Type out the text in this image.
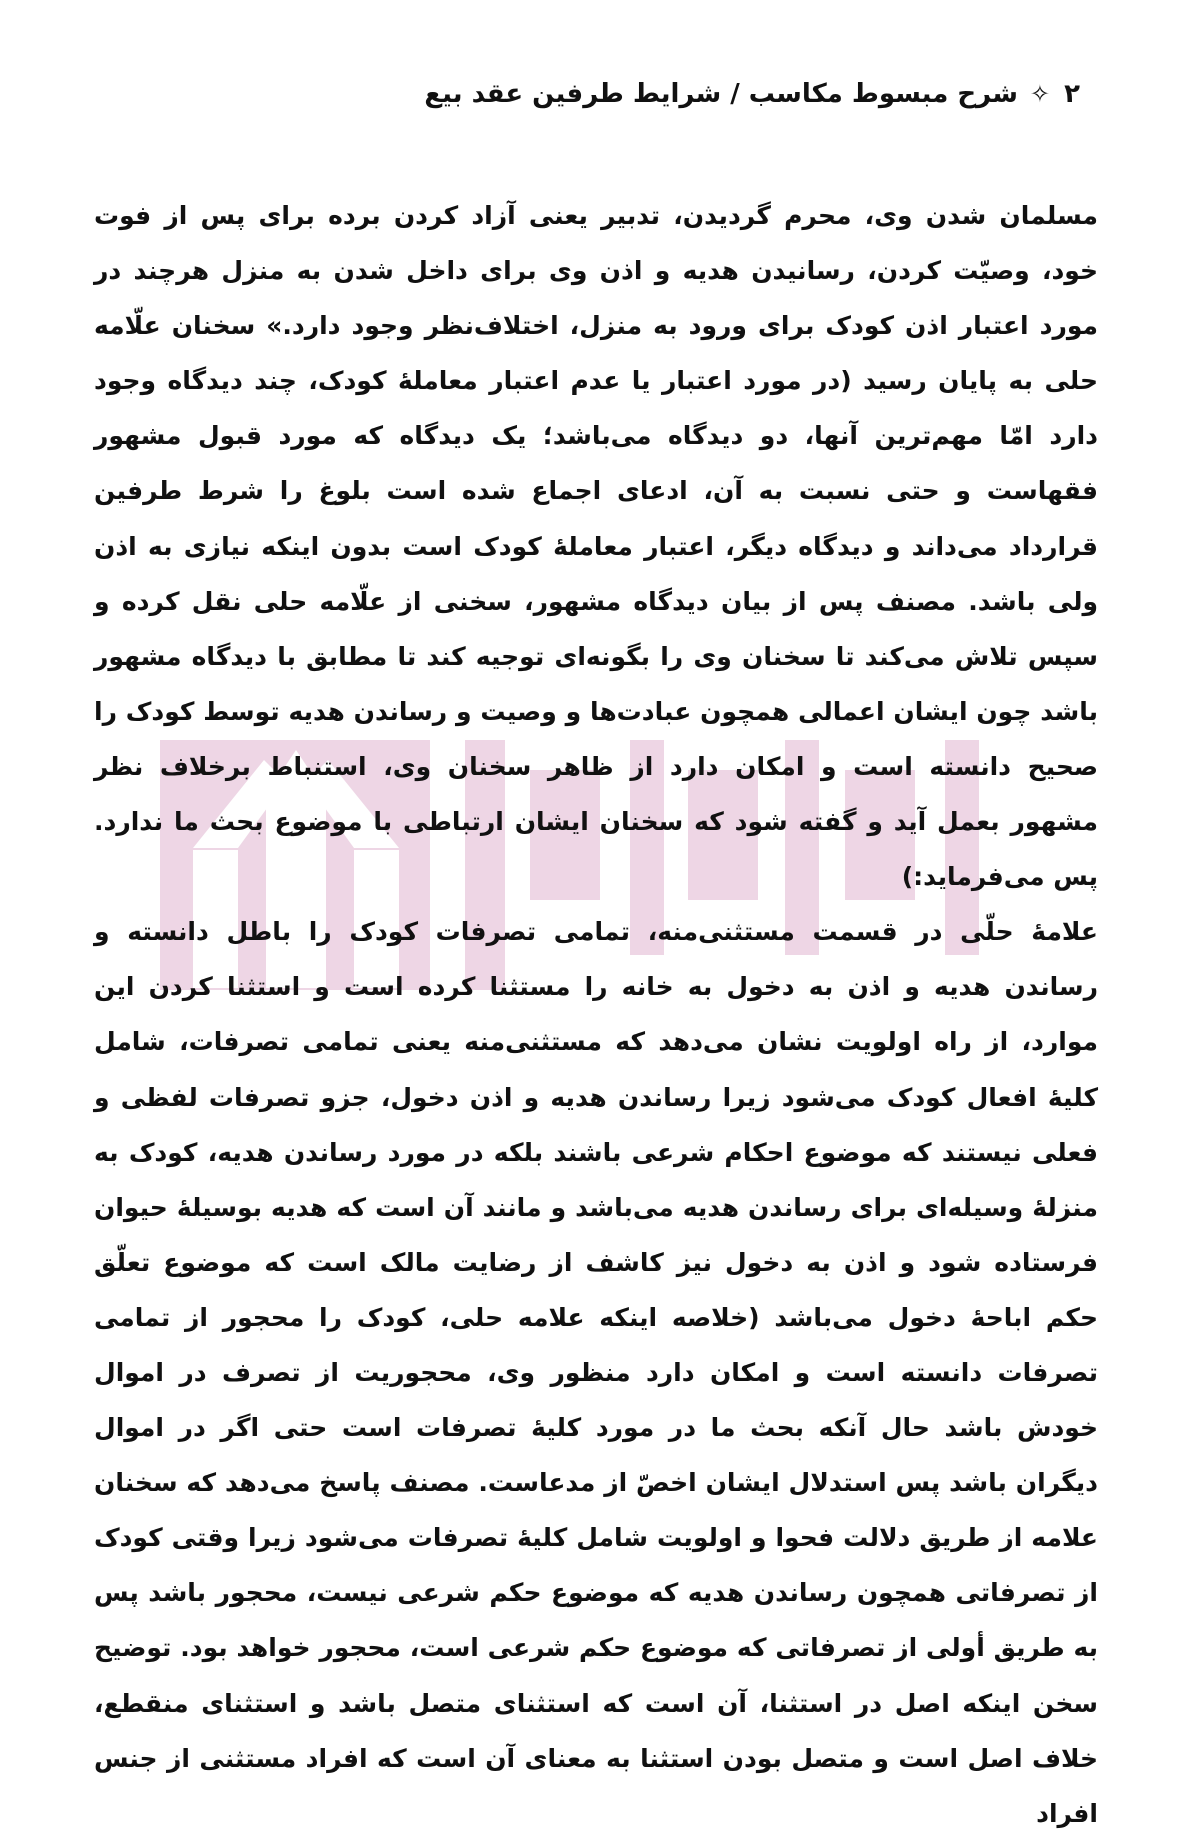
۲
✧
شرح مبسوط مکاسب / شرایط طرفین عقد بیع

مسلمان شدن وی، محرم گردیدن، تدبیر یعنی آزاد کردن برده برای پس از فوت خود، وصیّت کردن، رسانیدن هدیه و اذن وی برای داخل شدن به منزل هرچند در مورد اعتبار اذن کودک برای ورود به منزل، اختلاف‌نظر وجود دارد.» سخنان علّامه حلی به پایان رسید (در مورد اعتبار یا عدم اعتبار معاملهٔ کودک، چند دیدگاه وجود دارد امّا مهم‌ترین آنها، دو دیدگاه می‌باشد؛ یک دیدگاه که مورد قبول مشهور فقهاست و حتی نسبت به آن، ادعای اجماع شده است بلوغ را شرط طرفین قرارداد می‌داند و دیدگاه دیگر، اعتبار معاملهٔ کودک است بدون اینکه نیازی به اذن ولی باشد. مصنف پس از بیان دیدگاه مشهور، سخنی از علّامه حلی نقل کرده و سپس تلاش می‌کند تا سخنان وی را بگونه‌ای توجیه کند تا مطابق با دیدگاه مشهور باشد چون ایشان اعمالی همچون عبادت‌ها و وصیت و رساندن هدیه توسط کودک را صحیح دانسته است و امکان دارد از ظاهر سخنان وی، استنباط برخلاف نظر مشهور بعمل آید و گفته شود که سخنان ایشان ارتباطی با موضوع بحث ما ندارد. پس می‌فرماید:)

علامهٔ حلّی در قسمت مستثنی‌منه، تمامی تصرفات کودک را باطل دانسته و رساندن هدیه و اذن به دخول به خانه را مستثنا کرده است و استثنا کردن این موارد، از راه اولویت نشان می‌دهد که مستثنی‌منه یعنی تمامی تصرفات، شامل کلیهٔ افعال کودک می‌شود زیرا رساندن هدیه و اذن دخول، جزو تصرفات لفظی و فعلی نیستند که موضوع احکام شرعی باشند بلکه در مورد رساندن هدیه، کودک به منزلهٔ وسیله‌ای برای رساندن هدیه می‌باشد و مانند آن است که هدیه بوسیلهٔ حیوان فرستاده شود و اذن به دخول نیز کاشف از رضایت مالک است که موضوع تعلّق حکم اباحهٔ دخول می‌باشد (خلاصه اینکه علامه حلی، کودک را محجور از تمامی تصرفات دانسته است و امکان دارد منظور وی، محجوریت از تصرف در اموال خودش باشد حال آنکه بحث ما در مورد کلیهٔ تصرفات است حتی اگر در اموال دیگران باشد پس استدلال ایشان اخصّ از مدعاست. مصنف پاسخ می‌دهد که سخنان علامه از طریق دلالت فحوا و اولویت شامل کلیهٔ تصرفات می‌شود زیرا وقتی کودک از تصرفاتی همچون رساندن هدیه که موضوع حکم شرعی نیست، محجور باشد پس به طریق أولی از تصرفاتی که موضوع حکم شرعی است، محجور خواهد بود. توضیح سخن اینکه اصل در استثنا، آن است که استثنای متصل باشد و استثنای منقطع، خلاف اصل است و متصل بودن استثنا به معنای آن است که افراد مستثنی از جنس افراد
